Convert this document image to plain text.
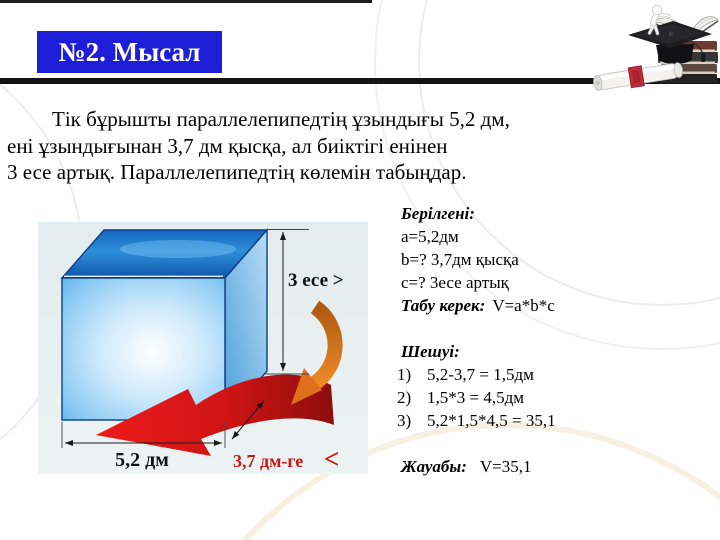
№2. Мысал
Тік бұрышты параллелепипедтің ұзындығы 5,2 дм,
ені ұзындығынан 3,7 дм қысқа, ал биіктігі енінен
3 есе артық. Параллелепипедтің көлемін табыңдар.
3 есе >
5,2 дм	3,7 дм-ге <
Берілгені:
a=5,2дм
b=? 3,7дм қысқа
c=? 3есе артық
Табу керек: V=a*b*c
Шешуі:
1) 5,2-3,7 = 1,5дм
2) 1,5*3 = 4,5дм
3) 5,2*1,5*4,5 = 35,1
Жауабы: V=35,1
